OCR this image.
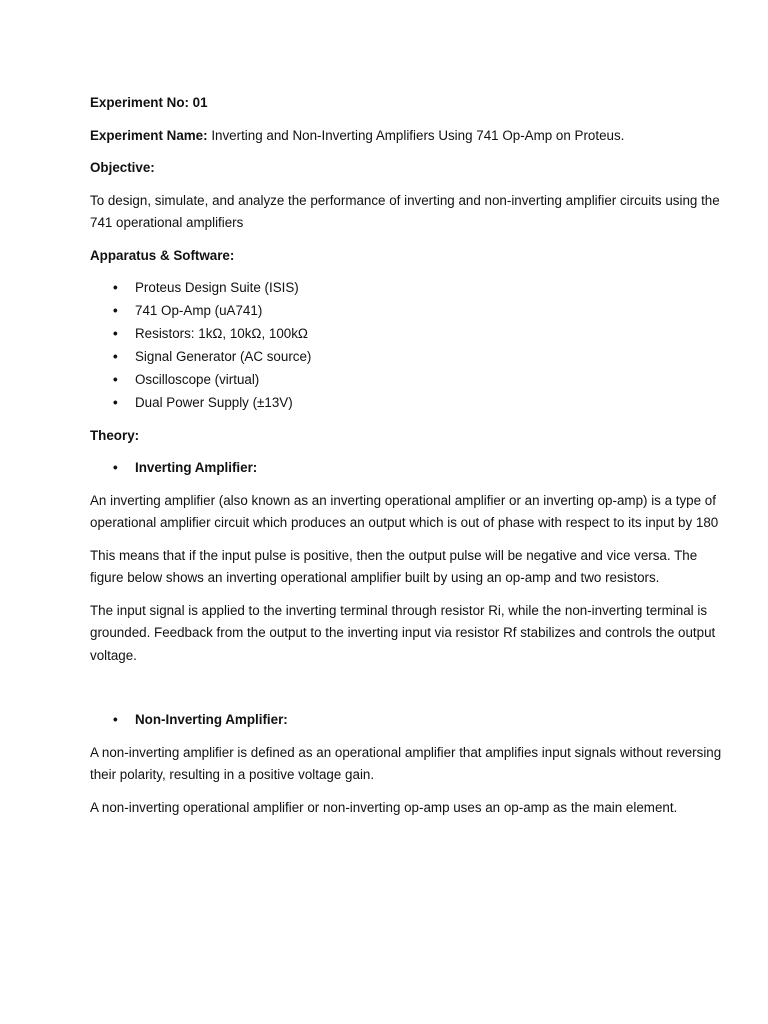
Experiment No: 01

Experiment Name: Inverting and Non-Inverting Amplifiers Using 741 Op-Amp on Proteus.

Objective:

To design, simulate, and analyze the performance of inverting and non-inverting amplifier circuits using the 741 operational amplifiers

Apparatus & Software:

• Proteus Design Suite (ISIS)
• 741 Op-Amp (uA741)
• Resistors: 1kΩ, 10kΩ, 100kΩ
• Signal Generator (AC source)
• Oscilloscope (virtual)
• Dual Power Supply (±13V)

Theory:

• Inverting Amplifier:

An inverting amplifier (also known as an inverting operational amplifier or an inverting op-amp) is a type of operational amplifier circuit which produces an output which is out of phase with respect to its input by 180

This means that if the input pulse is positive, then the output pulse will be negative and vice versa. The figure below shows an inverting operational amplifier built by using an op-amp and two resistors.

The input signal is applied to the inverting terminal through resistor Ri, while the non-inverting terminal is grounded. Feedback from the output to the inverting input via resistor Rf stabilizes and controls the output voltage.

• Non-Inverting Amplifier:

A non-inverting amplifier is defined as an operational amplifier that amplifies input signals without reversing their polarity, resulting in a positive voltage gain.

A non-inverting operational amplifier or non-inverting op-amp uses an op-amp as the main element.
